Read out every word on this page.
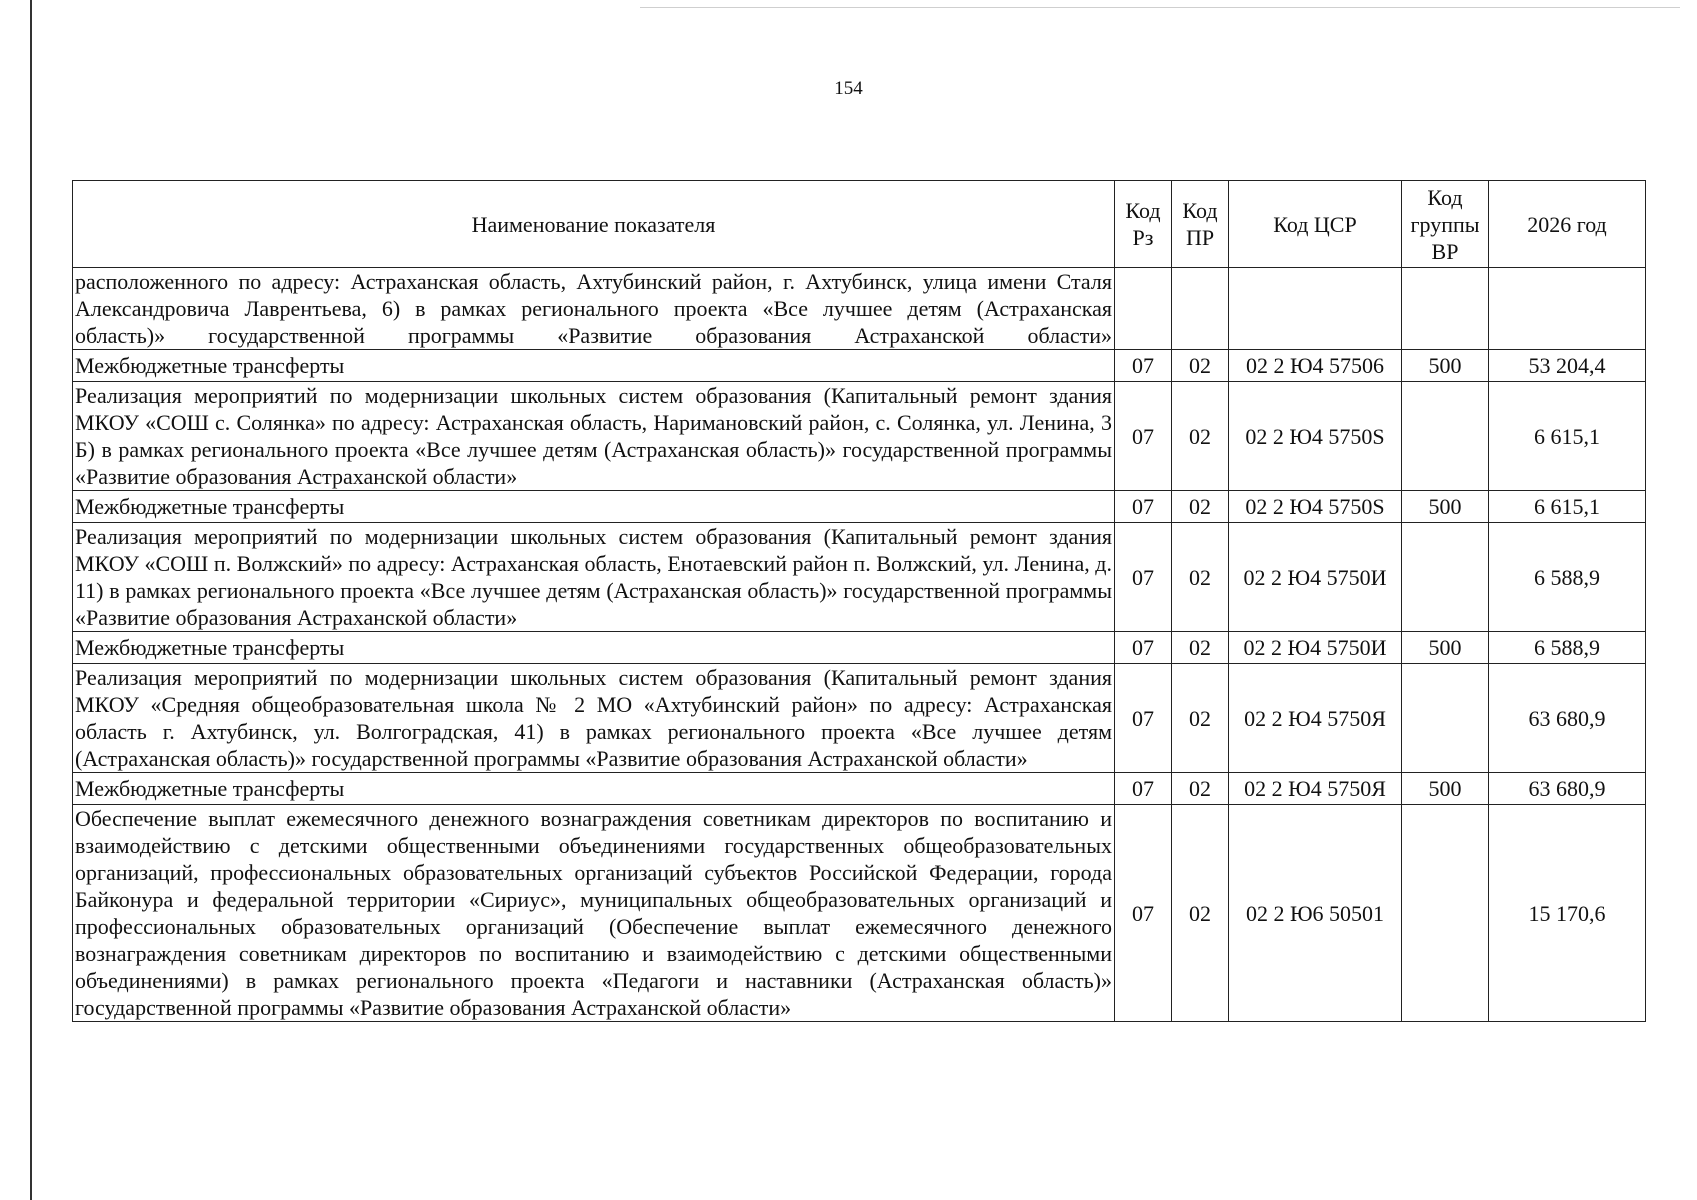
154
Наименование показателя	Код Рз	Код ПР	Код ЦСР	Код группы ВР	2026 год
расположенного по адресу: Астраханская область, Ахтубинский район, г. Ахтубинск, улица имени Сталя Александровича Лаврентьева, 6) в рамках регионального проекта «Все лучшее детям (Астраханская область)» государственной программы «Развитие образования Астраханской области»					
Межбюджетные трансферты	07	02	02 2 Ю4 57506	500	53 204,4
Реализация мероприятий по модернизации школьных систем образования (Капитальный ремонт здания МКОУ «СОШ с. Солянка» по адресу: Астраханская область, Наримановский район, с. Солянка, ул. Ленина, 3 Б) в рамках регионального проекта «Все лучшее детям (Астраханская область)» государственной программы «Развитие образования Астраханской области»	07	02	02 2 Ю4 5750S		6 615,1
Межбюджетные трансферты	07	02	02 2 Ю4 5750S	500	6 615,1
Реализация мероприятий по модернизации школьных систем образования (Капитальный ремонт здания МКОУ «СОШ п. Волжский» по адресу: Астраханская область, Енотаевский район п. Волжский, ул. Ленина, д. 11) в рамках регионального проекта «Все лучшее детям (Астраханская область)» государственной программы «Развитие образования Астраханской области»	07	02	02 2 Ю4 5750И		6 588,9
Межбюджетные трансферты	07	02	02 2 Ю4 5750И	500	6 588,9
Реализация мероприятий по модернизации школьных систем образования (Капитальный ремонт здания МКОУ «Средняя общеобразовательная школа № 2 МО «Ахтубинский район» по адресу: Астраханская область г. Ахтубинск, ул. Волгоградская, 41) в рамках регионального проекта «Все лучшее детям (Астраханская область)» государственной программы «Развитие образования Астраханской области»	07	02	02 2 Ю4 5750Я		63 680,9
Межбюджетные трансферты	07	02	02 2 Ю4 5750Я	500	63 680,9
Обеспечение выплат ежемесячного денежного вознаграждения советникам директоров по воспитанию и взаимодействию с детскими общественными объединениями государственных общеобразовательных организаций, профессиональных образовательных организаций субъектов Российской Федерации, города Байконура и федеральной территории «Сириус», муниципальных общеобразовательных организаций и профессиональных образовательных организаций (Обеспечение выплат ежемесячного денежного вознаграждения советникам директоров по воспитанию и взаимодействию с детскими общественными объединениями) в рамках регионального проекта «Педагоги и наставники (Астраханская область)» государственной программы «Развитие образования Астраханской области»	07	02	02 2 Ю6 50501		15 170,6
